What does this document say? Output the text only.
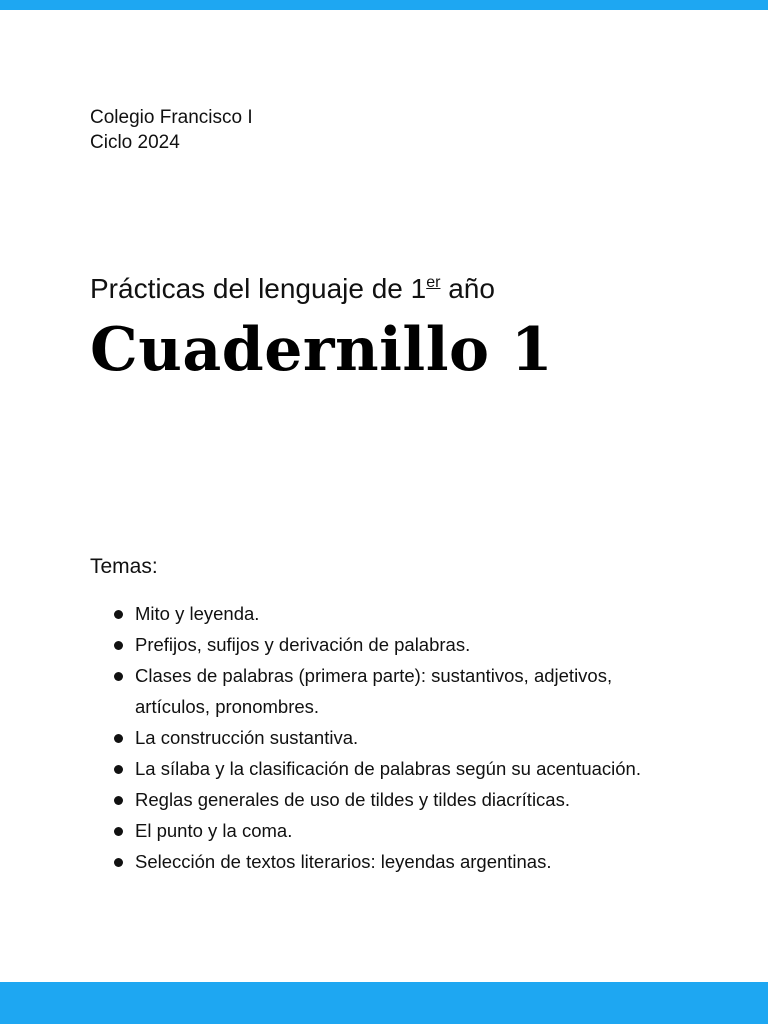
Colegio Francisco I
Ciclo 2024
Prácticas del lenguaje de 1er año
Cuadernillo 1
Temas:
Mito y leyenda.
Prefijos, sufijos y derivación de palabras.
Clases de palabras (primera parte): sustantivos, adjetivos, artículos, pronombres.
La construcción sustantiva.
La sílaba y la clasificación de palabras según su acentuación.
Reglas generales de uso de tildes y tildes diacríticas.
El punto y la coma.
Selección de textos literarios: leyendas argentinas.
